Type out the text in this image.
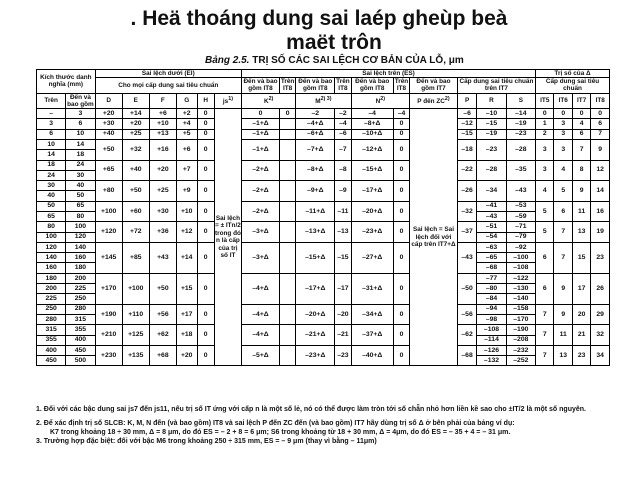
. Heä thoáng dung sai laép gheùp beà
maët trôn
Bảng 2.5. TRỊ SỐ CÁC SAI LỆCH CƠ BẢN CỦA LỖ, μm
Kích thước danh nghĩa (mm)		Sai lệch dưới (EI)						Sai lệch trên (ES)										Trị số của Δ			
		Cho mọi cấp dung sai tiêu chuẩn						Đến và bao gồm IT8	Trên IT8	Đến và bao gồm IT8	Trên IT8	Đến và bao gồm IT8	Trên IT8	Đến và bao gồm IT7	Cấp dung sai tiêu chuẩn trên IT7			Cấp dung sai tiêu chuẩn			
Trên	Đến và bao gồm	D	E	F	G	H	$js^{1)}$	$K^{2)}$		$M^{2) 3)}$		$N^{2)}$		P đến ZC$^{2)}$	P	R	S	IT5	IT6	IT7	IT8
–	3	+20	+14	+6	+2	0	Sai lệch = ± ITn/2 trong đó n là cấp của trị số IT	0	0	–2	–2	–4	–4	Sai lệch = Sai lệch đối với cấp trên IT7+Δ	–6	–10	–14	0	0	0	0
3	6	+30	+20	+10	+4	0		–1+Δ		–4+Δ	–4	–8+Δ	0		–12	–15	–19	1	3	4	6
6	10	+40	+25	+13	+5	0		–1+Δ		–6+Δ	–6	–10+Δ	0		–15	–19	–23	2	3	6	7
10	14	+50	+32	+16	+6	0		–1+Δ		–7+Δ	–7	–12+Δ	0		–18	–23	–28	3	3	7	9
14	18																				
18	24	+65	+40	+20	+7	0		–2+Δ		–8+Δ	–8	–15+Δ	0		–22	–28	–35	3	4	8	12
24	30																				
30	40	+80	+50	+25	+9	0		–2+Δ		–9+Δ	–9	–17+Δ	0		–26	–34	–43	4	5	9	14
40	50																				
50	65	+100	+60	+30	+10	0		–2+Δ		–11+Δ	–11	–20+Δ	0		–32	–41	–53	5	6	11	16
65	80															–43	–59				
80	100	+120	+72	+36	+12	0		–3+Δ		–13+Δ	–13	–23+Δ	0		–37	–51	–71	5	7	13	19
100	120															–54	–79				
120	140	+145	+85	+43	+14	0		–3+Δ		–15+Δ	–15	–27+Δ	0		–43	–63	–92	6	7	15	23
140	160															–65	–100				
160	180															–68	–108				
180	200	+170	+100	+50	+15	0		–4+Δ		–17+Δ	–17	–31+Δ	0		–50	–77	–122	6	9	17	26
200	225															–80	–130				
225	250															–84	–140				
250	280	+190	+110	+56	+17	0		–4+Δ		–20+Δ	–20	–34+Δ	0		–56	–94	–158	7	9	20	29
280	315															–98	–170				
315	355	+210	+125	+62	+18	0		–4+Δ		–21+Δ	–21	–37+Δ	0		–62	–108	–190	7	11	21	32
355	400															–114	–208				
400	450	+230	+135	+68	+20	0		–5+Δ		–23+Δ	–23	–40+Δ	0		–68	–126	–232	7	13	23	34
450	500															–132	–252				
1. Đối với các bậc dung sai js7 đến js11, nếu trị số IT ứng với cấp n là một số lẻ, nó có thể được làm tròn tới số chẵn nhỏ hơn liền kề sao cho ±IT/2 là một số nguyên.
2. Để xác định trị số SLCB: K, M, N đến (và bao gồm) IT8 và sai lệch P đến ZC đến (và bao gồm) IT7 hãy dùng trị số Δ ở bên phải của bảng ví dụ:
K7 trong khoảng 18 ÷ 30 mm, Δ = 8 μm, do đó ES = – 2 + 8 = 6 μm; S6 trong khoảng từ 18 + 30 mm, Δ = 4μm, do đó ES = – 35 + 4 = – 31 μm.
3. Trường hợp đặc biệt: đối với bậc M6 trong khoảng 250 ÷ 315 mm, ES = – 9 μm (thay vì bằng – 11μm)
